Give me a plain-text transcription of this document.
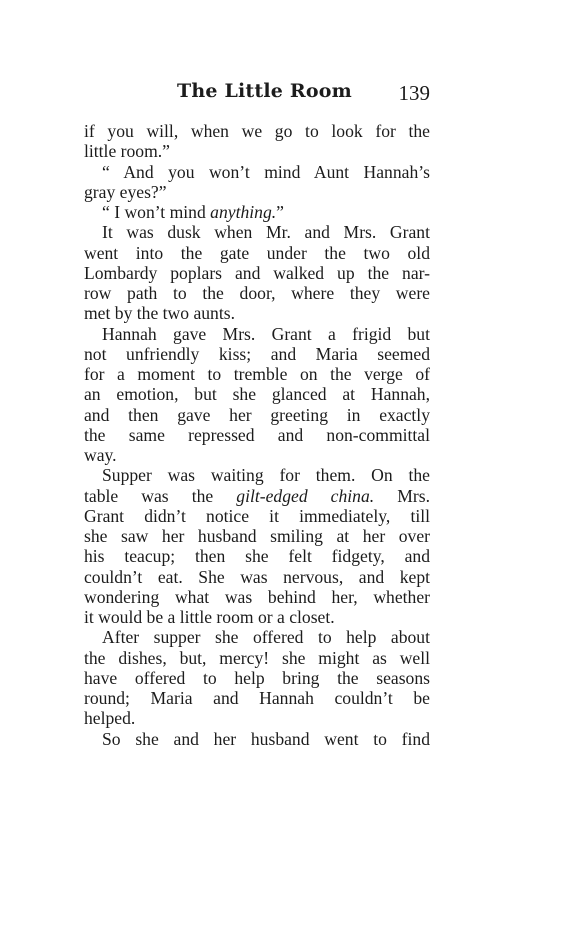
The Little Room 139
if you will, when we go to look for the
little room.”
“ And you won’t mind Aunt Hannah’s
gray eyes?”
“ I won’t mind anything.”
It was dusk when Mr. and Mrs. Grant
went into the gate under the two old
Lombardy poplars and walked up the nar-
row path to the door, where they were
met by the two aunts.
Hannah gave Mrs. Grant a frigid but
not unfriendly kiss; and Maria seemed
for a moment to tremble on the verge of
an emotion, but she glanced at Hannah,
and then gave her greeting in exactly
the same repressed and non-committal
way.
Supper was waiting for them. On the
table was the gilt-edged china. Mrs.
Grant didn’t notice it immediately, till
she saw her husband smiling at her over
his teacup; then she felt fidgety, and
couldn’t eat. She was nervous, and kept
wondering what was behind her, whether
it would be a little room or a closet.
After supper she offered to help about
the dishes, but, mercy! she might as well
have offered to help bring the seasons
round; Maria and Hannah couldn’t be
helped.
So she and her husband went to find
